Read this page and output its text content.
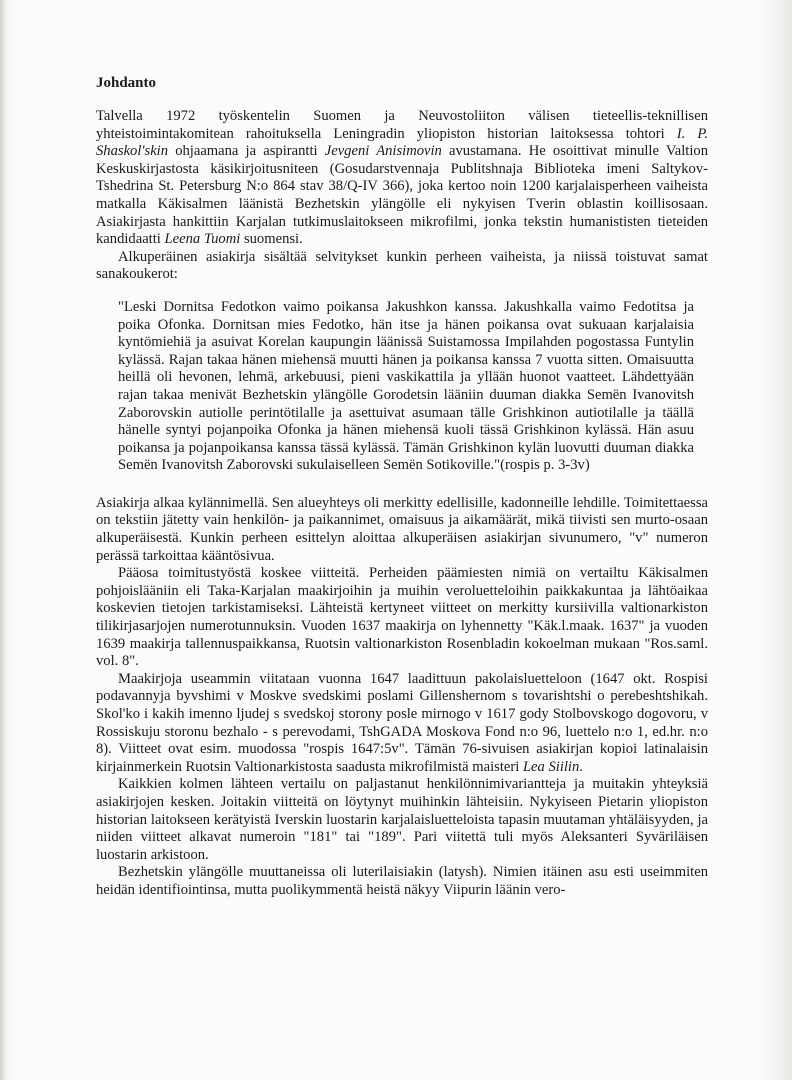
Johdanto

Talvella 1972 työskentelin Suomen ja Neuvostoliiton välisen tieteellis-teknillisen yhteistoimintakomitean rahoituksella Leningradin yliopiston historian laitoksessa tohtori I. P. Shaskol'skin ohjaamana ja aspirantti Jevgeni Anisimovin avustamana. He osoittivat minulle Valtion Keskuskirjastosta käsikirjoitusniteen (Gosudarstvennaja Publitshnaja Biblioteka imeni Saltykov-Tshedrina St. Petersburg N:o 864 stav 38/Q-IV 366), joka kertoo noin 1200 karjalaisperheen vaiheista matkalla Käkisalmen läänistä Bezhetskin ylängölle eli nykyisen Tverin oblastin koillisosaan. Asiakirjasta hankittiin Karjalan tutkimuslaitokseen mikrofilmi, jonka tekstin humanististen tieteiden kandidaatti Leena Tuomi suomensi.

Alkuperäinen asiakirja sisältää selvitykset kunkin perheen vaiheista, ja niissä toistuvat samat sanakoukerot:

"Leski Dornitsa Fedotkon vaimo poikansa Jakushkon kanssa. Jakushkalla vaimo Fedotitsa ja poika Ofonka. Dornitsan mies Fedotko, hän itse ja hänen poikansa ovat sukuaan karjalaisia kyntömiehiä ja asuivat Korelan kaupungin läänissä Suistamossa Impilahden pogostassa Funtylin kylässä. Rajan takaa hänen miehensä muutti hänen ja poikansa kanssa 7 vuotta sitten. Omaisuutta heillä oli hevonen, lehmä, arkebuusi, pieni vaskikattila ja yllään huonot vaatteet. Lähdettyään rajan takaa menivät Bezhetskin ylängölle Gorodetsin lääniin duuman diakka Semën Ivanovitsh Zaborovskin autiolle perintötilalle ja asettuivat asumaan tälle Grishkinon autiotilalle ja täällä hänelle syntyi pojanpoika Ofonka ja hänen miehensä kuoli tässä Grishkinon kylässä. Hän asuu poikansa ja pojanpoikansa kanssa tässä kylässä. Tämän Grishkinon kylän luovutti duuman diakka Semën Ivanovitsh Zaborovski sukulaiselleen Semën Sotikoville."(rospis p. 3-3v)

Asiakirja alkaa kylännimellä. Sen alueyhteys oli merkitty edellisille, kadonneille lehdille. Toimitettaessa on tekstiin jätetty vain henkilön- ja paikannimet, omaisuus ja aikamäärät, mikä tiivisti sen murto-osaan alkuperäisestä. Kunkin perheen esittelyn aloittaa alkuperäisen asiakirjan sivunumero, "v" numeron perässä tarkoittaa kääntösivua.

Pääosa toimitustyöstä koskee viitteitä. Perheiden päämiesten nimiä on vertailtu Käkisalmen pohjoislääniin eli Taka-Karjalan maakirjoihin ja muihin veroluetteloihin paikkakuntaa ja lähtöaikaa koskevien tietojen tarkistamiseksi. Lähteistä kertyneet viitteet on merkitty kursiivilla valtionarkiston tilikirjasarjojen numerotunnuksin. Vuoden 1637 maakirja on lyhennetty "Käk.l.maak. 1637" ja vuoden 1639 maakirja tallennuspaikkansa, Ruotsin valtionarkiston Rosenbladin kokoelman mukaan "Ros.saml. vol. 8".

Maakirjoja useammin viitataan vuonna 1647 laadittuun pakolaisluetteloon (1647 okt. Rospisi podavannyja byvshimi v Moskve svedskimi poslami Gillenshernom s tovarishtshi o perebeshtshikah. Skol'ko i kakih imenno ljudej s svedskoj storony posle mirnogo v 1617 gody Stolbovskogo dogovoru, v Rossiskuju storonu bezhalo - s perevodami, TshGADA Moskova Fond n:o 96, luettelo n:o 1, ed.hr. n:o 8). Viitteet ovat esim. muodossa "rospis 1647:5v". Tämän 76-sivuisen asiakirjan kopioi latinalaisin kirjainmerkein Ruotsin Valtionarkistosta saadusta mikrofilmistä maisteri Lea Siilin.

Kaikkien kolmen lähteen vertailu on paljastanut henkilönnimivariantteja ja muitakin yhteyksiä asiakirjojen kesken. Joitakin viitteitä on löytynyt muihinkin lähteisiin. Nykyiseen Pietarin yliopiston historian laitokseen kerätyistä Iverskin luostarin karjalaisluetteloista tapasin muutaman yhtäläisyyden, ja niiden viitteet alkavat numeroin "181" tai "189". Pari viitettä tuli myös Aleksanteri Syväriläisen luostarin arkistoon.

Bezhetskin ylängölle muuttaneissa oli luterilaisiakin (latysh). Nimien itäinen asu esti useimmiten heidän identifiointinsa, mutta puolikymmentä heistä näkyy Viipurin läänin vero-
